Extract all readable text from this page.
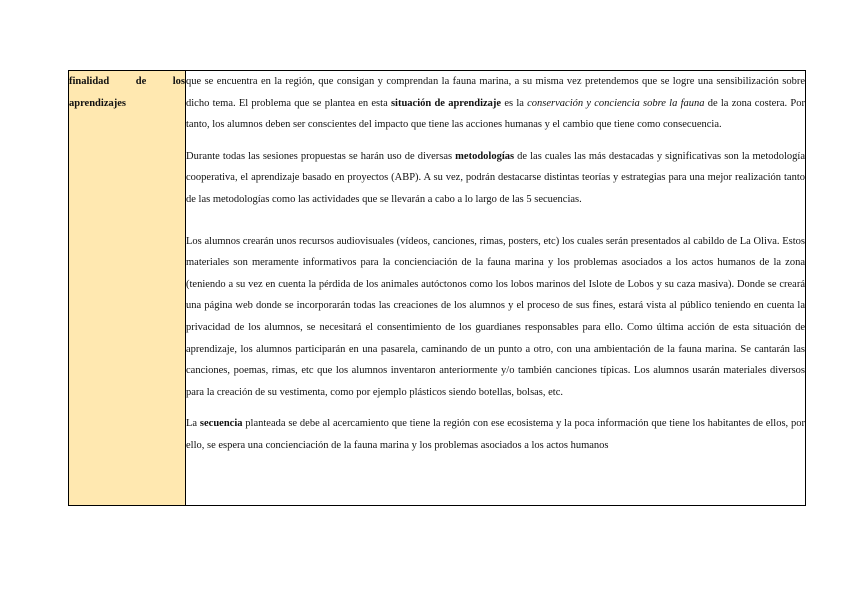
finalidad	de	los
aprendizajes

que se encuentra en la región, que consigan y comprendan la fauna marina, a su misma vez pretendemos que se logre una sensibilización sobre dicho tema. El problema que se plantea en esta situación de aprendizaje es la conservación y conciencia sobre la fauna de la zona costera. Por tanto, los alumnos deben ser conscientes del impacto que tiene las acciones humanas y el cambio que tiene como consecuencia.

Durante todas las sesiones propuestas se harán uso de diversas metodologías de las cuales las más destacadas y significativas son la metodología cooperativa, el aprendizaje basado en proyectos (ABP). A su vez, podrán destacarse distintas teorías y estrategias para una mejor realización tanto de las metodologías como las actividades que se llevarán a cabo a lo largo de las 5 secuencias.

Los alumnos crearán unos recursos audiovisuales (vídeos, canciones, rimas, posters, etc) los cuales serán presentados al cabildo de La Oliva. Estos materiales son meramente informativos para la concienciación de la fauna marina y los problemas asociados a los actos humanos de la zona (teniendo a su vez en cuenta la pérdida de los animales autóctonos como los lobos marinos del Islote de Lobos y su caza masiva). Donde se creará una página web donde se incorporarán todas las creaciones de los alumnos y el proceso de sus fines, estará vista al público teniendo en cuenta la privacidad de los alumnos, se necesitará el consentimiento de los guardianes responsables para ello. Como última acción de esta situación de aprendizaje, los alumnos participarán en una pasarela, caminando de un punto a otro, con una ambientación de la fauna marina. Se cantarán las canciones, poemas, rimas, etc que los alumnos inventaron anteriormente y/o también canciones típicas. Los alumnos usarán materiales diversos para la creación de su vestimenta, como por ejemplo plásticos siendo botellas, bolsas, etc.

La secuencia planteada se debe al acercamiento que tiene la región con ese ecosistema y la poca información que tiene los habitantes de ellos, por ello, se espera una concienciación de la fauna marina y los problemas asociados a los actos humanos
